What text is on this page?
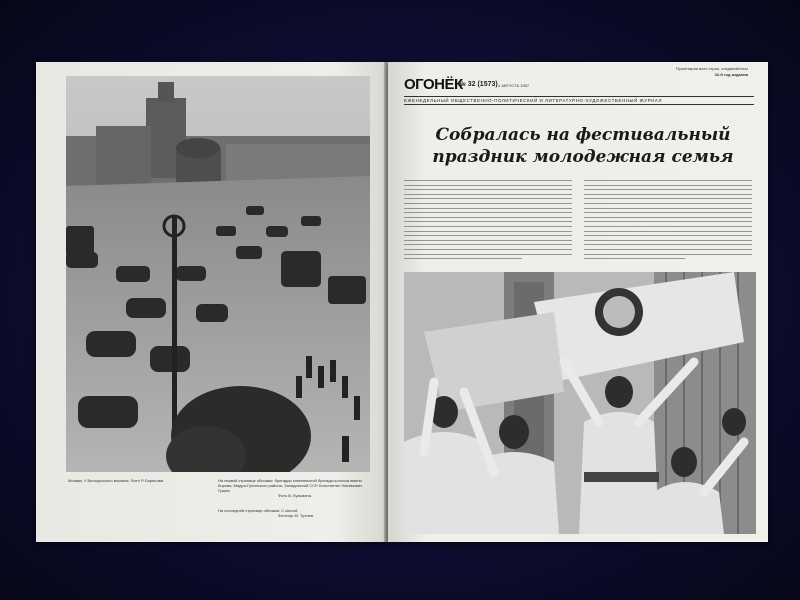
Москва. У Белорусского вокзала. Фото Р. Борисова.	На первой странице обложки: бригадир комплексной бригады колхоза имени Кирова, Мадри-Гунинского района, Западинской ССР, Константин Нахимович Гушев.
Фото В. Кузьмина.
На последней странице обложки: С книгой.
Фототир М. Тучиев.
Пролетарии всех стран, соединяйтесь!
32-й год издания
ОГОНЁК
№ 32 (1573) 4 АВГУСТА 1957
ЕЖЕНЕДЕЛЬНЫЙ ОБЩЕСТВЕННО-ПОЛИТИЧЕСКИЙ И ЛИТЕРАТУРНО-ХУДОЖЕСТВЕННЫЙ ЖУРНАЛ
Собралась на фестивальный праздник молодежная семья
